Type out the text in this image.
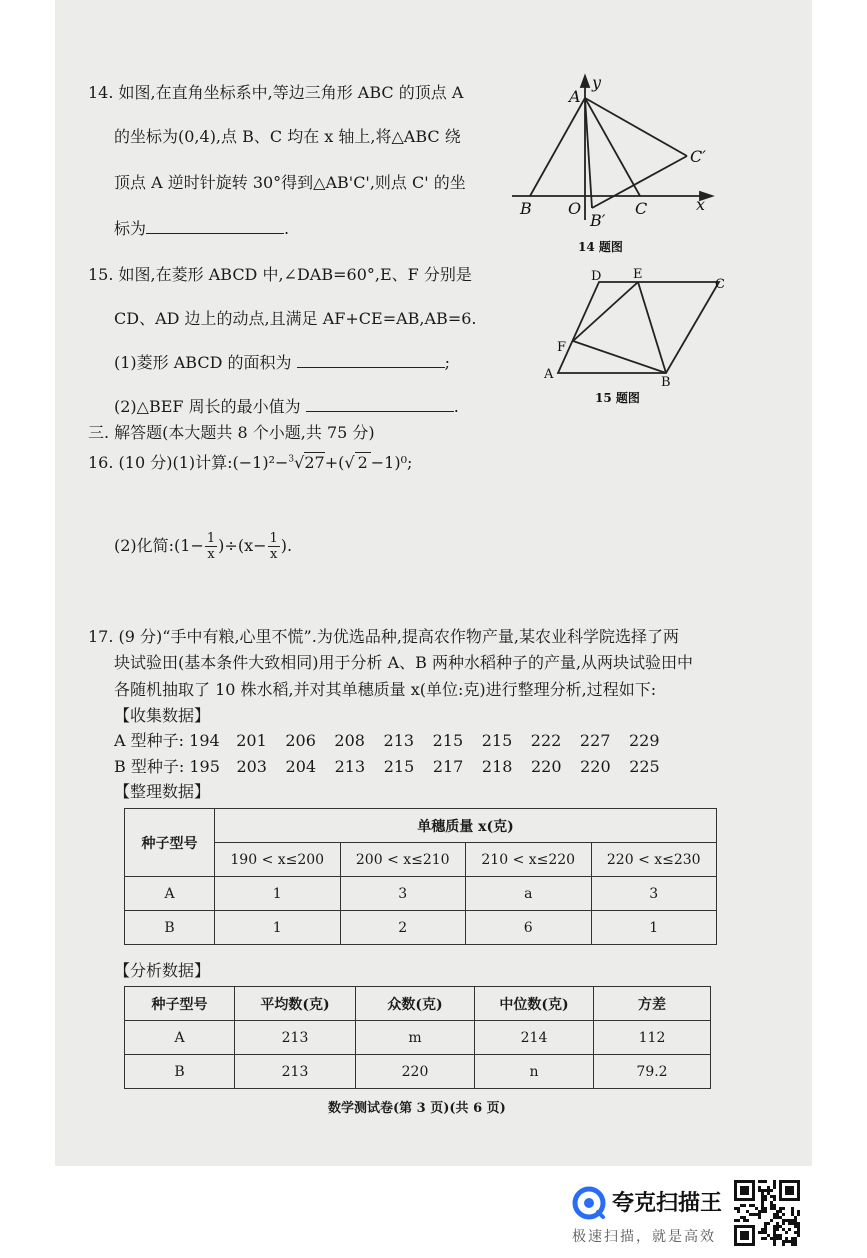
14. 如图,在直角坐标系中,等边三角形 ABC 的顶点 A
的坐标为(0,4),点 B、C 均在 x 轴上,将△ABC 绕
顶点 A 逆时针旋转 30°得到△AB'C',则点 C' 的坐
标为	.
A
y
B O
B′
C
C′
x
14 题图
15. 如图,在菱形 ABCD 中,∠DAB=60°,E、F 分别是
CD、AD 边上的动点,且满足 AF+CE=AB,AB=6.
(1)菱形 ABCD 的面积为	;
(2)△BEF 周长的最小值为	.
D E
C
F
A
B
15 题图
三. 解答题(本大题共 8 个小题,共 75 分)
16. (10 分)(1)计算:(−1)²−$^3$√27+(√ 2 −1)⁰;
(2)化简:(1− $\frac{1}{x} )\div(x- \frac{1}{x}$ ).
17. (9 分)“手中有粮,心里不慌”.为优选品种,提高农作物产量,某农业科学院选择了两
块试验田(基本条件大致相同)用于分析 A、B 两种水稻种子的产量,从两块试验田中
各随机抽取了 10 株水稻,并对其单穗质量 x(单位:克)进行整理分析,过程如下:
【收集数据】
A 型种子: 194 201 206 208 213 215 215 222 227 229
B 型种子: 195 203 204 213 215 217 218 220 220 225
【整理数据】
种子型号	单穗质量 x(克)			
	190 < x≤200	200 < x≤210	210 < x≤220	220 < x≤230
A	1	3	a	3
B	1	2	6	1
【分析数据】
种子型号	平均数(克)	众数(克)	中位数(克)	方差
A	213	m	214	112
B	213	220	n	79.2
数学测试卷(第 3 页)(共 6 页)
夸克扫描王
极速扫描，就是高效
